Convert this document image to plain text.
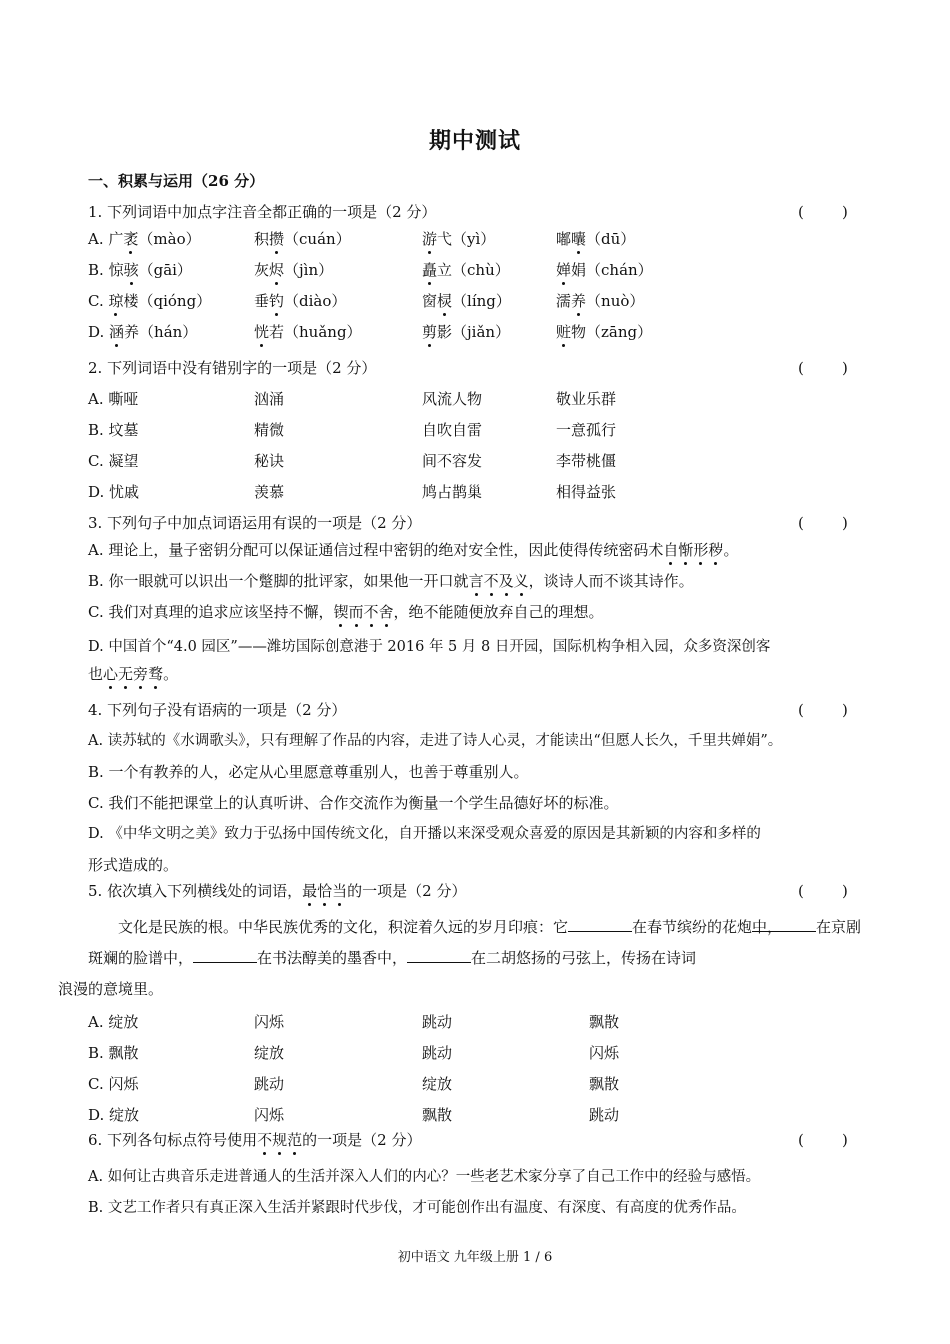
期中测试
一、积累与运用（26 分）
1. 下列词语中加点字注音全都正确的一项是（2 分）	(        )
A. 广袤（mào）	积攒（cuán）	游弋（yì）	嘟囔（dū）
B. 惊骇（gāi）	灰烬（jìn）	矗立（chù）	婵娟（chán）
C. 琼楼（qióng）	垂钓（diào）	窗棂（líng）	濡养（nuò）
D. 涵养（hán）	恍若（huǎng）	剪影（jiǎn）	赃物（zāng）
2. 下列词语中没有错别字的一项是（2 分）	(        )
A. 嘶哑	汹涌	风流人物	敬业乐群
B. 坟墓	精微	自吹自雷	一意孤行
C. 凝望	秘诀	间不容发	李带桃僵
D. 忧戚	羡慕	鸠占鹊巢	相得益张
3. 下列句子中加点词语运用有误的一项是（2 分）	(        )
A. 理论上，量子密钥分配可以保证通信过程中密钥的绝对安全性，因此使得传统密码术自惭形秽。
B. 你一眼就可以识出一个蹩脚的批评家，如果他一开口就言不及义，谈诗人而不谈其诗作。
C. 我们对真理的追求应该坚持不懈，锲而不舍，绝不能随便放弃自己的理想。
D. 中国首个“4.0 园区”——潍坊国际创意港于 2016 年 5 月 8 日开园，国际机构争相入园，众多资深创客
也心无旁骛。
4. 下列句子没有语病的一项是（2 分）	(        )
A. 读苏轼的《水调歌头》，只有理解了作品的内容，走进了诗人心灵，才能读出“但愿人长久，千里共婵娟”。
B. 一个有教养的人，必定从心里愿意尊重别人，也善于尊重别人。
C. 我们不能把课堂上的认真听讲、合作交流作为衡量一个学生品德好坏的标准。
D. 《中华文明之美》致力于弘扬中国传统文化，自开播以来深受观众喜爱的原因是其新颖的内容和多样的
形式造成的。
5. 依次填入下列横线处的词语，最恰当的一项是（2 分）	(        )
文化是民族的根。中华民族优秀的文化，积淀着久远的岁月印痕：它	在春节缤纷的花炮中， 在京剧斑斓的脸谱中，	在书法醇美的墨香中，	在二胡悠扬的弓弦上，传扬在诗词
浪漫的意境里。
A. 绽放	闪烁	跳动	飘散
B. 飘散	绽放	跳动	闪烁
C. 闪烁	跳动	绽放	飘散
D. 绽放	闪烁	飘散	跳动
6. 下列各句标点符号使用不规范的一项是（2 分）	(        )
A. 如何让古典音乐走进普通人的生活并深入人们的内心？一些老艺术家分享了自己工作中的经验与感悟。
B. 文艺工作者只有真正深入生活并紧跟时代步伐，才可能创作出有温度、有深度、有高度的优秀作品。
初中语文 九年级上册 1 / 6
